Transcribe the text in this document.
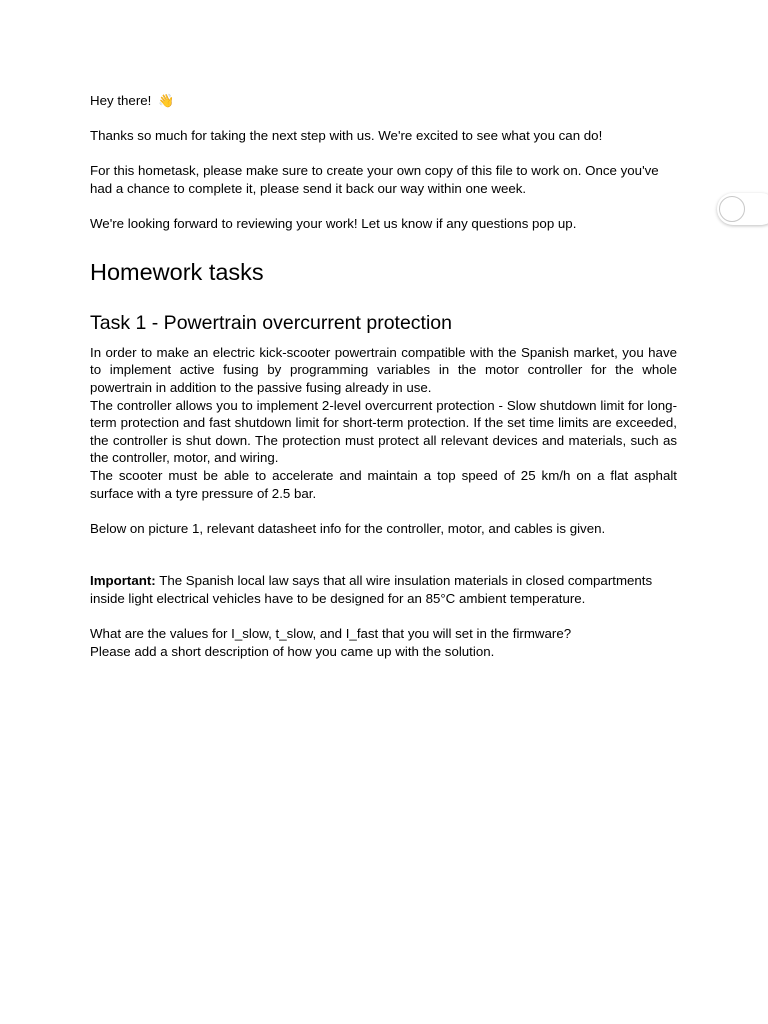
Hey there! 👋

Thanks so much for taking the next step with us. We're excited to see what you can do!

For this hometask, please make sure to create your own copy of this file to work on. Once you've had a chance to complete it, please send it back our way within one week.

We're looking forward to reviewing your work! Let us know if any questions pop up.

Homework tasks
Task 1 - Powertrain overcurrent protection

In order to make an electric kick-scooter powertrain compatible with the Spanish market, you have to implement active fusing by programming variables in the motor controller for the whole powertrain in addition to the passive fusing already in use.

The controller allows you to implement 2-level overcurrent protection - Slow shutdown limit for long-term protection and fast shutdown limit for short-term protection. If the set time limits are exceeded, the controller is shut down. The protection must protect all relevant devices and materials, such as the controller, motor, and wiring.

The scooter must be able to accelerate and maintain a top speed of 25 km/h on a flat asphalt surface with a tyre pressure of 2.5 bar.

Below on picture 1, relevant datasheet info for the controller, motor, and cables is given.

Important: The Spanish local law says that all wire insulation materials in closed compartments inside light electrical vehicles have to be designed for an 85°C ambient temperature.

What are the values for I_slow, t_slow, and I_fast that you will set in the firmware?

Please add a short description of how you came up with the solution.
